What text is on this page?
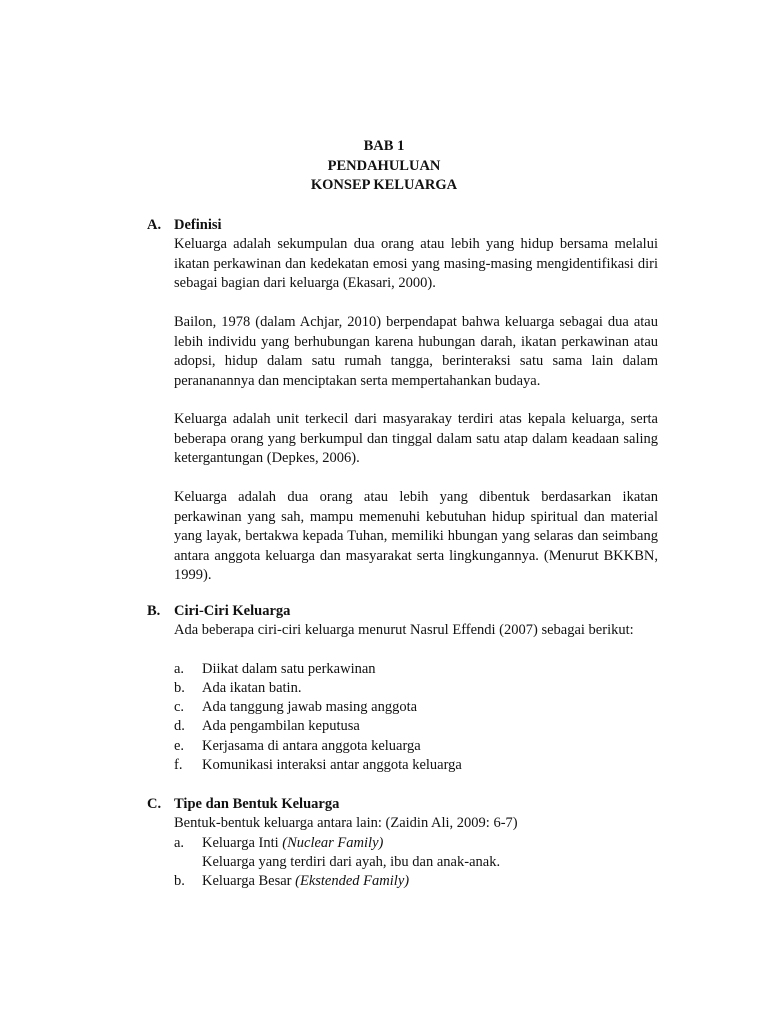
BAB 1
PENDAHULUAN
KONSEP KELUARGA
A. Definisi
Keluarga adalah sekumpulan dua orang atau lebih yang hidup bersama melalui ikatan perkawinan dan kedekatan emosi yang masing-masing mengidentifikasi diri sebagai bagian dari keluarga (Ekasari, 2000).
Bailon, 1978 (dalam Achjar, 2010) berpendapat bahwa keluarga sebagai dua atau lebih individu yang berhubungan karena hubungan darah, ikatan perkawinan atau adopsi, hidup dalam satu rumah tangga, berinteraksi satu sama lain dalam perananannya dan menciptakan serta mempertahankan budaya.
Keluarga adalah unit terkecil dari masyarakay terdiri atas kepala keluarga, serta beberapa orang yang berkumpul dan tinggal dalam satu atap dalam keadaan saling ketergantungan (Depkes, 2006).
Keluarga adalah dua orang atau lebih yang dibentuk berdasarkan ikatan perkawinan yang sah, mampu memenuhi kebutuhan hidup spiritual dan material yang layak, bertakwa kepada Tuhan, memiliki hbungan yang selaras dan seimbang antara anggota keluarga dan masyarakat serta lingkungannya. (Menurut BKKBN, 1999).
B. Ciri-Ciri Keluarga
Ada beberapa ciri-ciri keluarga menurut Nasrul Effendi (2007) sebagai berikut:
a. Diikat dalam satu perkawinan
b. Ada ikatan batin.
c. Ada tanggung jawab masing anggota
d. Ada pengambilan keputusa
e. Kerjasama di antara anggota keluarga
f. Komunikasi interaksi antar anggota keluarga
C. Tipe dan Bentuk Keluarga
Bentuk-bentuk keluarga antara lain: (Zaidin Ali, 2009: 6-7)
a. Keluarga Inti (Nuclear Family)
Keluarga yang terdiri dari ayah, ibu dan anak-anak.
b. Keluarga Besar (Ekstended Family)
